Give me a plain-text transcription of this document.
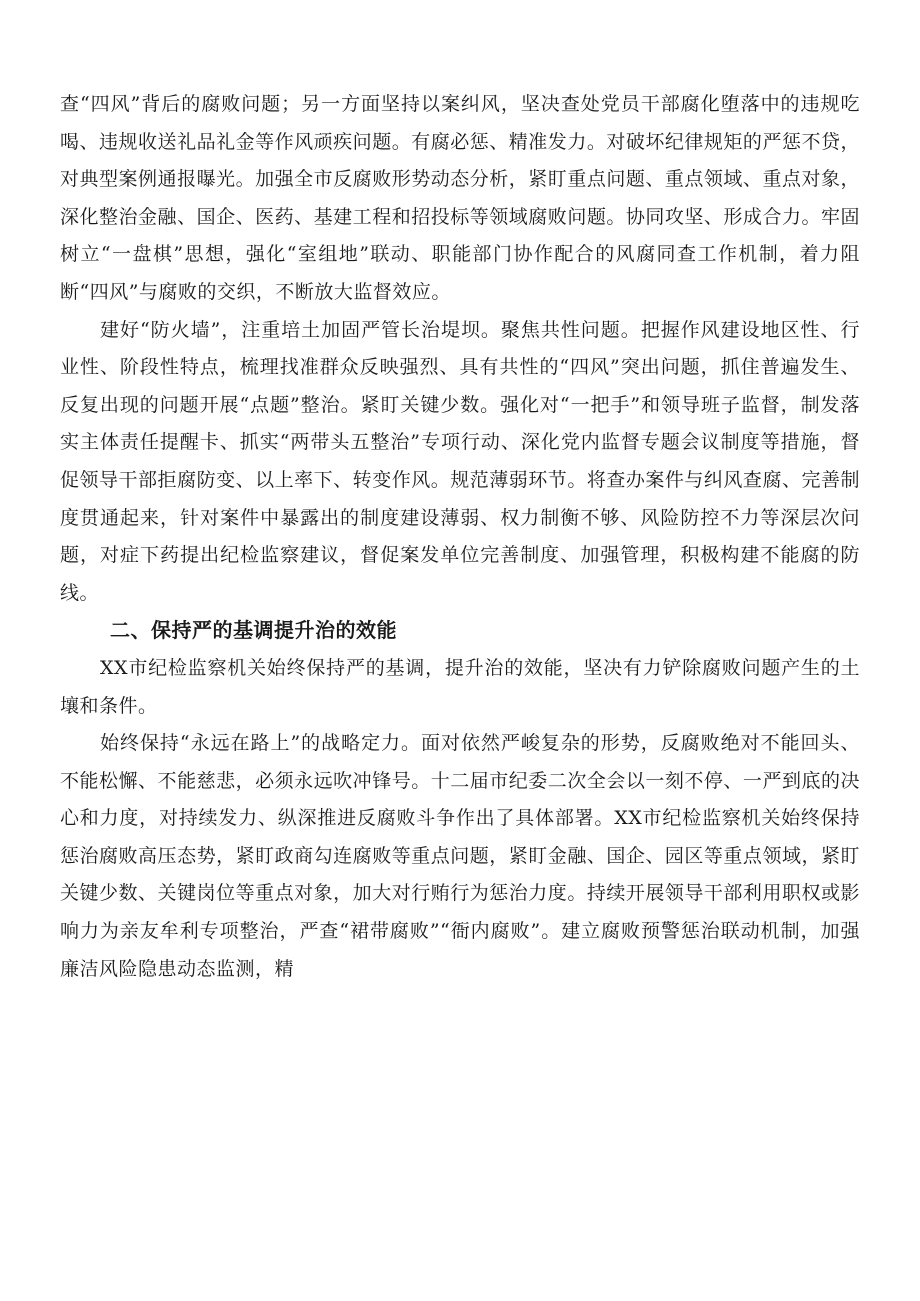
查“四风”背后的腐败问题；另一方面坚持以案纠风，坚决查处党员干部腐化堕落中的违规吃喝、违规收送礼品礼金等作风顽疾问题。有腐必惩、精准发力。对破坏纪律规矩的严惩不贷，对典型案例通报曝光。加强全市反腐败形势动态分析，紧盯重点问题、重点领域、重点对象，深化整治金融、国企、医药、基建工程和招投标等领域腐败问题。协同攻坚、形成合力。牢固树立“一盘棋”思想，强化“室组地”联动、职能部门协作配合的风腐同查工作机制，着力阻断“四风”与腐败的交织，不断放大监督效应。

建好“防火墙”，注重培土加固严管长治堤坝。聚焦共性问题。把握作风建设地区性、行业性、阶段性特点，梳理找准群众反映强烈、具有共性的“四风”突出问题，抓住普遍发生、反复出现的问题开展“点题”整治。紧盯关键少数。强化对“一把手”和领导班子监督，制发落实主体责任提醒卡、抓实“两带头五整治”专项行动、深化党内监督专题会议制度等措施，督促领导干部拒腐防变、以上率下、转变作风。规范薄弱环节。将查办案件与纠风查腐、完善制度贯通起来，针对案件中暴露出的制度建设薄弱、权力制衡不够、风险防控不力等深层次问题，对症下药提出纪检监察建议，督促案发单位完善制度、加强管理，积极构建不能腐的防线。

二、保持严的基调提升治的效能

XX市纪检监察机关始终保持严的基调，提升治的效能，坚决有力铲除腐败问题产生的土壤和条件。

始终保持“永远在路上”的战略定力。面对依然严峻复杂的形势，反腐败绝对不能回头、不能松懈、不能慈悲，必须永远吹冲锋号。十二届市纪委二次全会以一刻不停、一严到底的决心和力度，对持续发力、纵深推进反腐败斗争作出了具体部署。XX市纪检监察机关始终保持惩治腐败高压态势，紧盯政商勾连腐败等重点问题，紧盯金融、国企、园区等重点领域，紧盯关键少数、关键岗位等重点对象，加大对行贿行为惩治力度。持续开展领导干部利用职权或影响力为亲友牟利专项整治，严查“裙带腐败”“衙内腐败”。建立腐败预警惩治联动机制，加强廉洁风险隐患动态监测，精
